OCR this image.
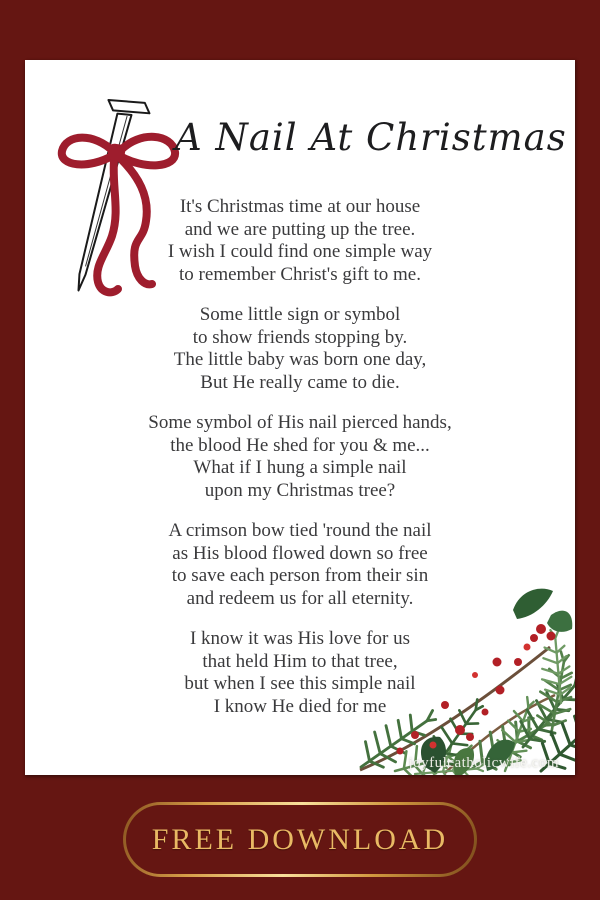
A Nail At Christmas
It's Christmas time at our house
and we are putting up the tree.
I wish I could find one simple way
to remember Christ's gift to me.
Some little sign or symbol
to show friends stopping by.
The little baby was born one day,
But He really came to die.
Some symbol of His nail pierced hands,
the blood He shed for you & me...
What if I hung a simple nail
upon my Christmas tree?
A crimson bow tied 'round the nail
as His blood flowed down so free
to save each person from their sin
and redeem us for all eternity.
I know it was His love for us
that held Him to that tree,
but when I see this simple nail
I know He died for me
joyfulcatholicwife.com
FREE DOWNLOAD
